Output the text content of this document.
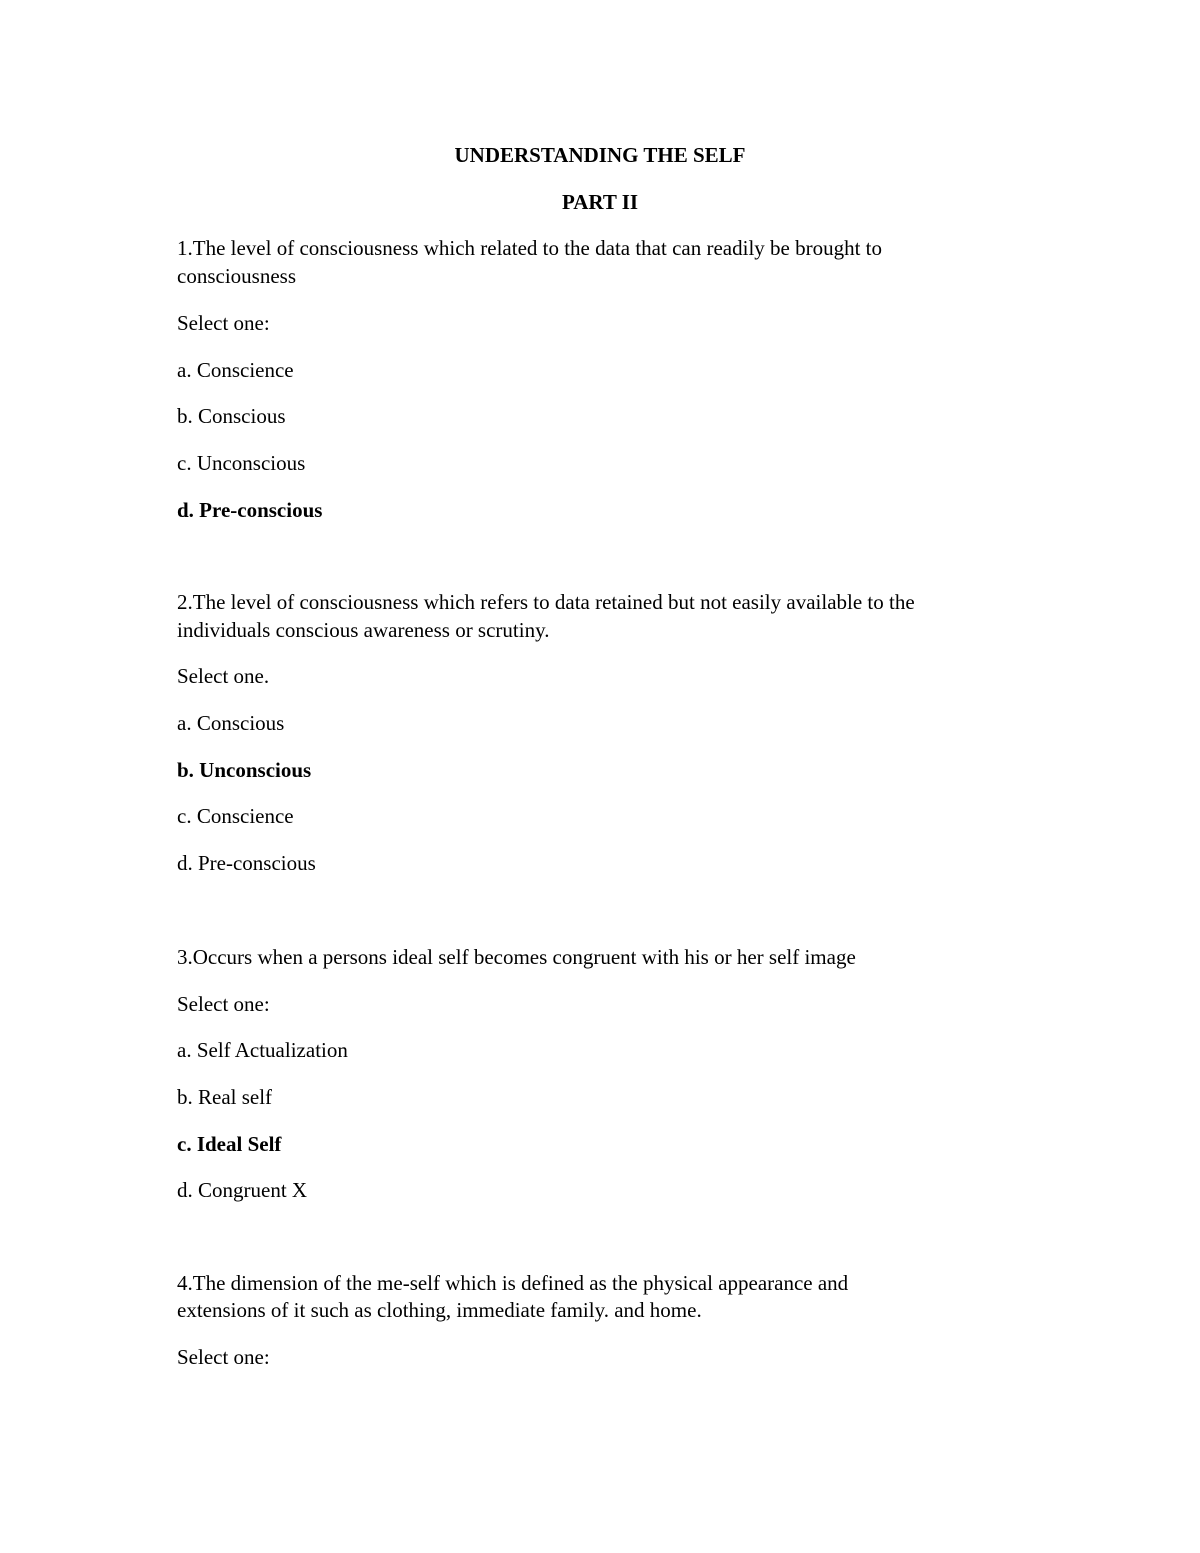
UNDERSTANDING THE SELF
PART II
1.The level of consciousness which related to the data that can readily be brought to
consciousness
Select one:
a. Conscience
b. Conscious
c. Unconscious
d. Pre-conscious
2.The level of consciousness which refers to data retained but not easily available to the
individuals conscious awareness or scrutiny.
Select one.
a. Conscious
b. Unconscious
c. Conscience
d. Pre-conscious
3.Occurs when a persons ideal self becomes congruent with his or her self image
Select one:
a. Self Actualization
b. Real self
c. Ideal Self
d. Congruent X
4.The dimension of the me-self which is defined as the physical appearance and
extensions of it such as clothing, immediate family. and home.
Select one:
